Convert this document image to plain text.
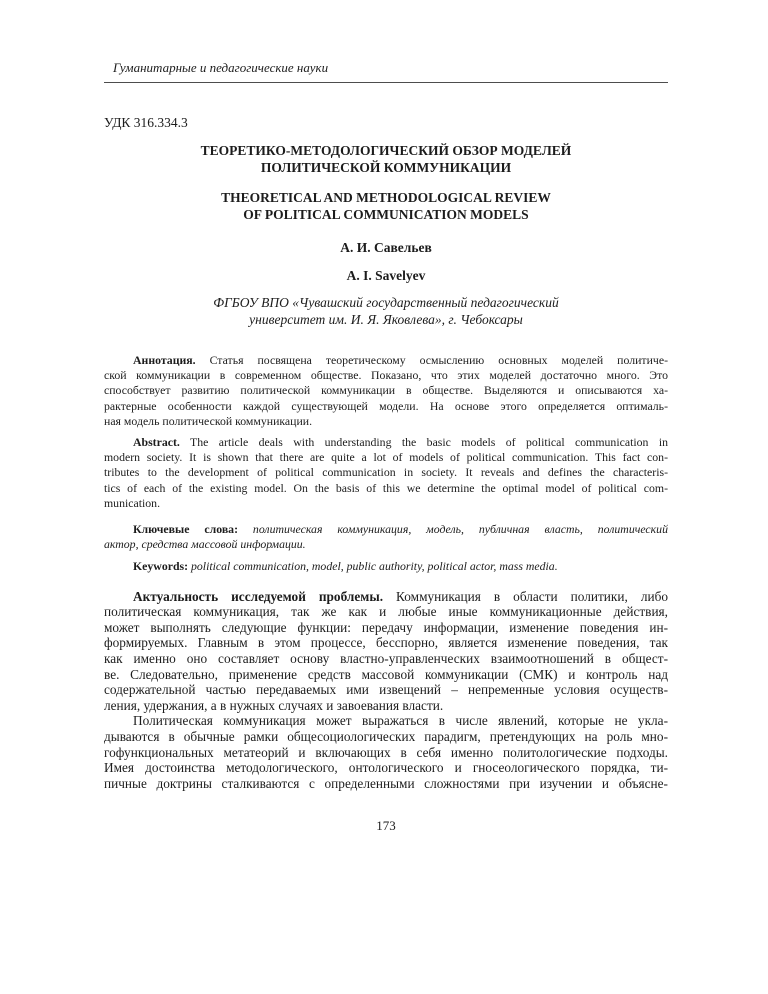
Гуманитарные и педагогические науки
УДК 316.334.3
ТЕОРЕТИКО-МЕТОДОЛОГИЧЕСКИЙ ОБЗОР МОДЕЛЕЙ
ПОЛИТИЧЕСКОЙ КОММУНИКАЦИИ
THEORETICAL AND METHODOLOGICAL REVIEW
OF POLITICAL COMMUNICATION MODELS
А. И. Савельев
A. I. Savelyev
ФГБОУ ВПО «Чувашский государственный педагогический
университет им. И. Я. Яковлева», г. Чебоксары
Аннотация. Статья посвящена теоретическому осмыслению основных моделей политиче-
ской коммуникации в современном обществе. Показано, что этих моделей достаточно много. Это
способствует развитию политической коммуникации в обществе. Выделяются и описываются ха-
рактерные особенности каждой существующей модели. На основе этого определяется оптималь-
ная модель политической коммуникации.
Abstract. The article deals with understanding the basic models of political communication in
modern society. It is shown that there are quite a lot of models of political communication. This fact con-
tributes to the development of political communication in society. It reveals and defines the characteris-
tics of each of the existing model. On the basis of this we determine the optimal model of political com-
munication.
Ключевые слова: политическая коммуникация, модель, публичная власть, политический
актор, средства массовой информации.
Keywords: political communication, model, public authority, political actor, mass media.
Актуальность исследуемой проблемы. Коммуникация в области политики, либо
политическая коммуникация, так же как и любые иные коммуникационные действия,
может выполнять следующие функции: передачу информации, изменение поведения ин-
формируемых. Главным в этом процессе, бесспорно, является изменение поведения, так
как именно оно составляет основу властно-управленческих взаимоотношений в общест-
ве. Следовательно, применение средств массовой коммуникации (СМК) и контроль над
содержательной частью передаваемых ими извещений – непременные условия осуществ-
ления, удержания, а в нужных случаях и завоевания власти.
Политическая коммуникация может выражаться в числе явлений, которые не укла-
дываются в обычные рамки общесоциологических парадигм, претендующих на роль мно-
гофункциональных метатеорий и включающих в себя именно политологические подходы.
Имея достоинства методологического, онтологического и гносеологического порядка, ти-
пичные доктрины сталкиваются с определенными сложностями при изучении и объясне-
173
